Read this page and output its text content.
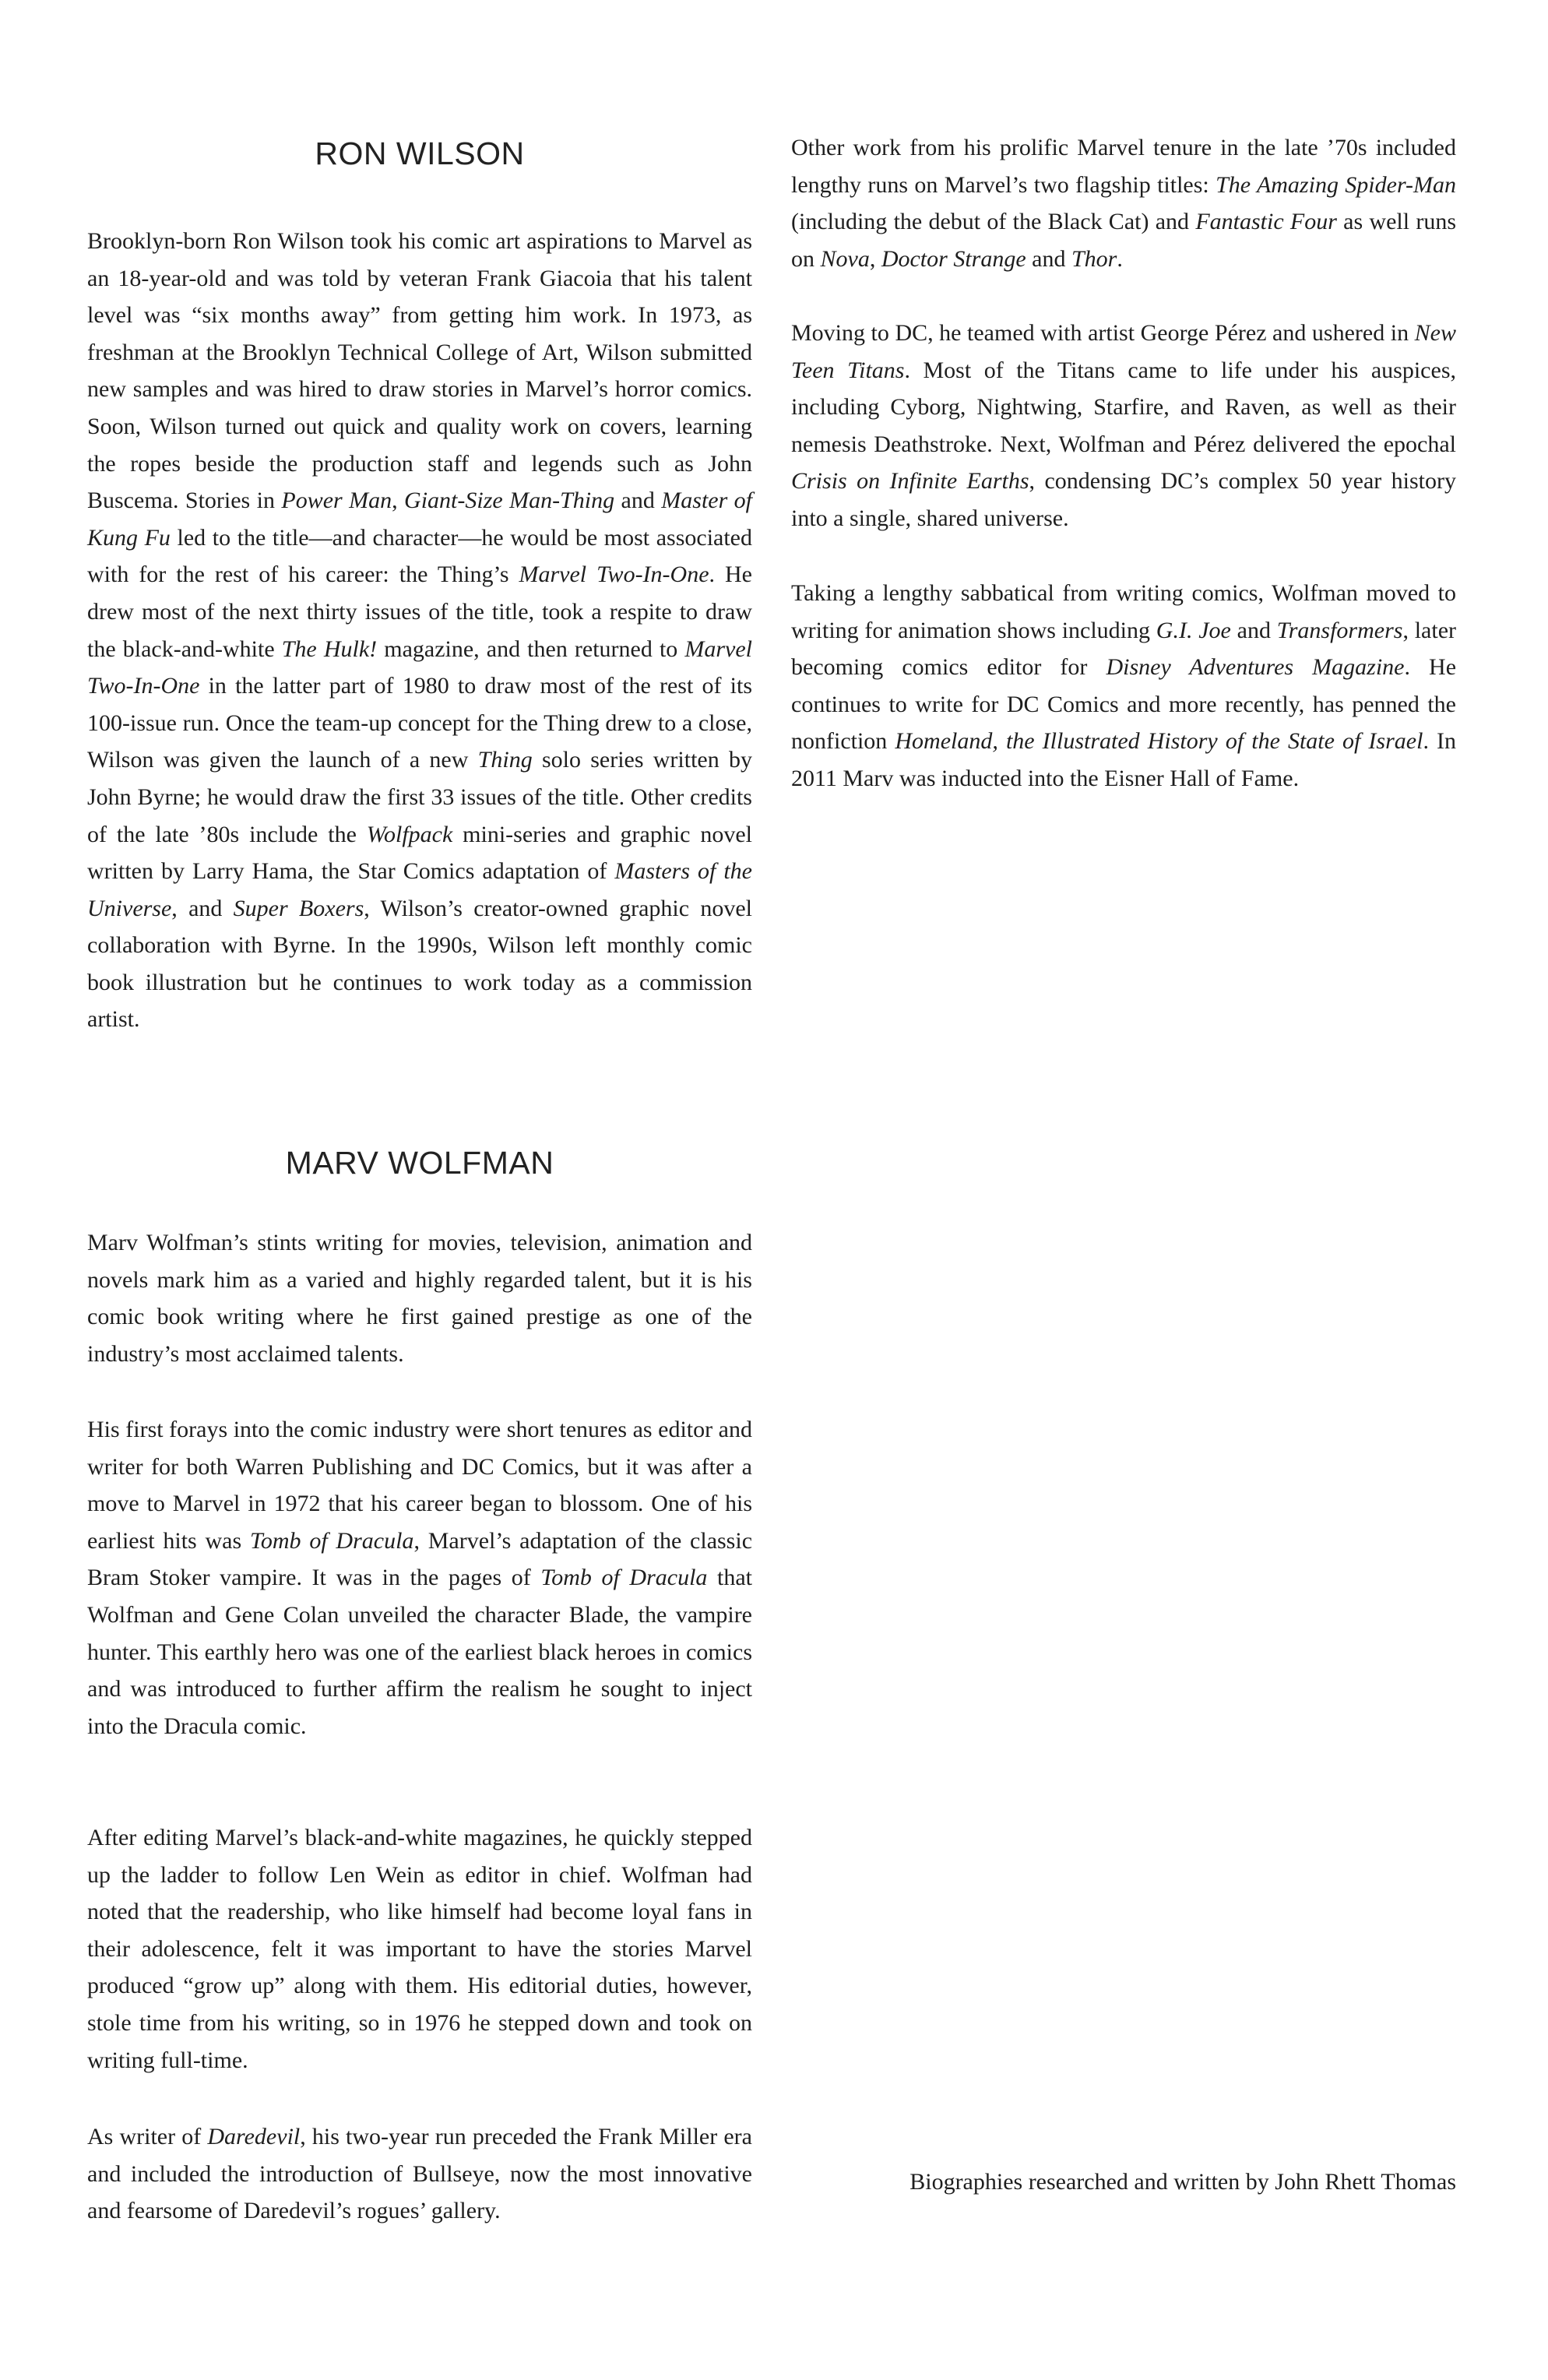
RON WILSON

Brooklyn-born Ron Wilson took his comic art aspirations to Marvel as an 18-year-old and was told by veteran Frank Giacoia that his talent level was “six months away” from getting him work. In 1973, as freshman at the Brooklyn Technical College of Art, Wilson submitted new samples and was hired to draw stories in Marvel’s horror comics. Soon, Wilson turned out quick and quality work on covers, learning the ropes beside the production staff and legends such as John Buscema. Stories in Power Man, Giant-Size Man-Thing and Master of Kung Fu led to the title—and character—he would be most associated with for the rest of his career: the Thing’s Marvel Two-In-One. He drew most of the next thirty issues of the title, took a respite to draw the black-and-white The Hulk! magazine, and then returned to Marvel Two-In-One in the latter part of 1980 to draw most of the rest of its 100-issue run. Once the team-up concept for the Thing drew to a close, Wilson was given the launch of a new Thing solo series written by John Byrne; he would draw the first 33 issues of the title. Other credits of the late ’80s include the Wolfpack mini-series and graphic novel written by Larry Hama, the Star Comics adaptation of Masters of the Universe, and Super Boxers, Wilson’s creator-owned graphic novel collaboration with Byrne. In the 1990s, Wilson left monthly comic book illustration but he continues to work today as a commission artist.

MARV WOLFMAN

Marv Wolfman’s stints writing for movies, television, animation and novels mark him as a varied and highly regarded talent, but it is his comic book writing where he first gained prestige as one of the industry’s most acclaimed talents.

His first forays into the comic industry were short tenures as editor and writer for both Warren Publishing and DC Comics, but it was after a move to Marvel in 1972 that his career began to blossom. One of his earliest hits was Tomb of Dracula, Marvel’s adaptation of the classic Bram Stoker vampire. It was in the pages of Tomb of Dracula that Wolfman and Gene Colan unveiled the character Blade, the vampire hunter. This earthly hero was one of the earliest black heroes in comics and was introduced to further affirm the realism he sought to inject into the Dracula comic.

After editing Marvel’s black-and-white magazines, he quickly stepped up the ladder to follow Len Wein as editor in chief. Wolfman had noted that the readership, who like himself had become loyal fans in their adolescence, felt it was important to have the stories Marvel produced “grow up” along with them. His editorial duties, however, stole time from his writing, so in 1976 he stepped down and took on writing full-time.

As writer of Daredevil, his two-year run preceded the Frank Miller era and included the introduction of Bullseye, now the most innovative and fearsome of Daredevil’s rogues’ gallery.

Other work from his prolific Marvel tenure in the late ’70s included lengthy runs on Marvel’s two flagship titles: The Amazing Spider-Man (including the debut of the Black Cat) and Fantastic Four as well runs on Nova, Doctor Strange and Thor.

Moving to DC, he teamed with artist George Pérez and ushered in New Teen Titans. Most of the Titans came to life under his auspices, including Cyborg, Nightwing, Starfire, and Raven, as well as their nemesis Deathstroke. Next, Wolfman and Pérez delivered the epochal Crisis on Infinite Earths, condensing DC’s complex 50 year history into a single, shared universe.

Taking a lengthy sabbatical from writing comics, Wolfman moved to writing for animation shows including G.I. Joe and Transformers, later becoming comics editor for Disney Adventures Magazine. He continues to write for DC Comics and more recently, has penned the nonfiction Homeland, the Illustrated History of the State of Israel. In 2011 Marv was inducted into the Eisner Hall of Fame.

Biographies researched and written by John Rhett Thomas
